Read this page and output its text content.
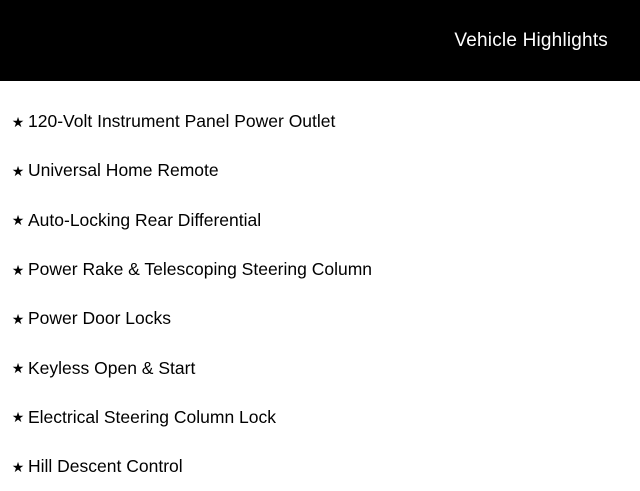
Vehicle Highlights
★ 120-Volt Instrument Panel Power Outlet
★ Universal Home Remote
★ Auto-Locking Rear Differential
★ Power Rake & Telescoping Steering Column
★ Power Door Locks
★ Keyless Open & Start
★ Electrical Steering Column Lock
★ Hill Descent Control
